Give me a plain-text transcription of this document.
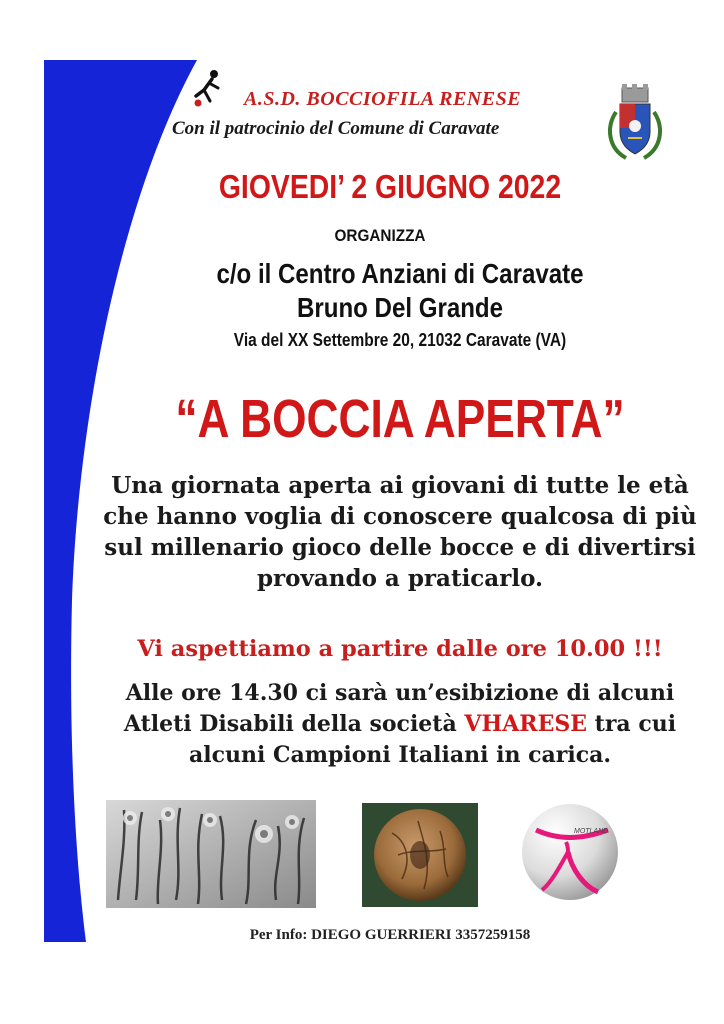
A.S.D. BOCCIOFILA RENESE
Con il patrocinio del Comune di Caravate
GIOVEDI’ 2 GIUGNO 2022
ORGANIZZA
c/o il Centro Anziani di Caravate
Bruno Del Grande
Via del XX Settembre 20, 21032 Caravate (VA)
“A BOCCIA APERTA”
Una giornata aperta ai giovani di tutte le età
che hanno voglia di conoscere qualcosa di più
sul millenario gioco delle bocce e di divertirsi
provando a praticarlo.
Vi aspettiamo a partire dalle ore 10.00 !!!
Alle ore 14.30 ci sarà un’esibizione di alcuni
Atleti Disabili della società VHARESE tra cui
alcuni Campioni Italiani in carica.
MOTLAND
Per Info: DIEGO GUERRIERI 3357259158
